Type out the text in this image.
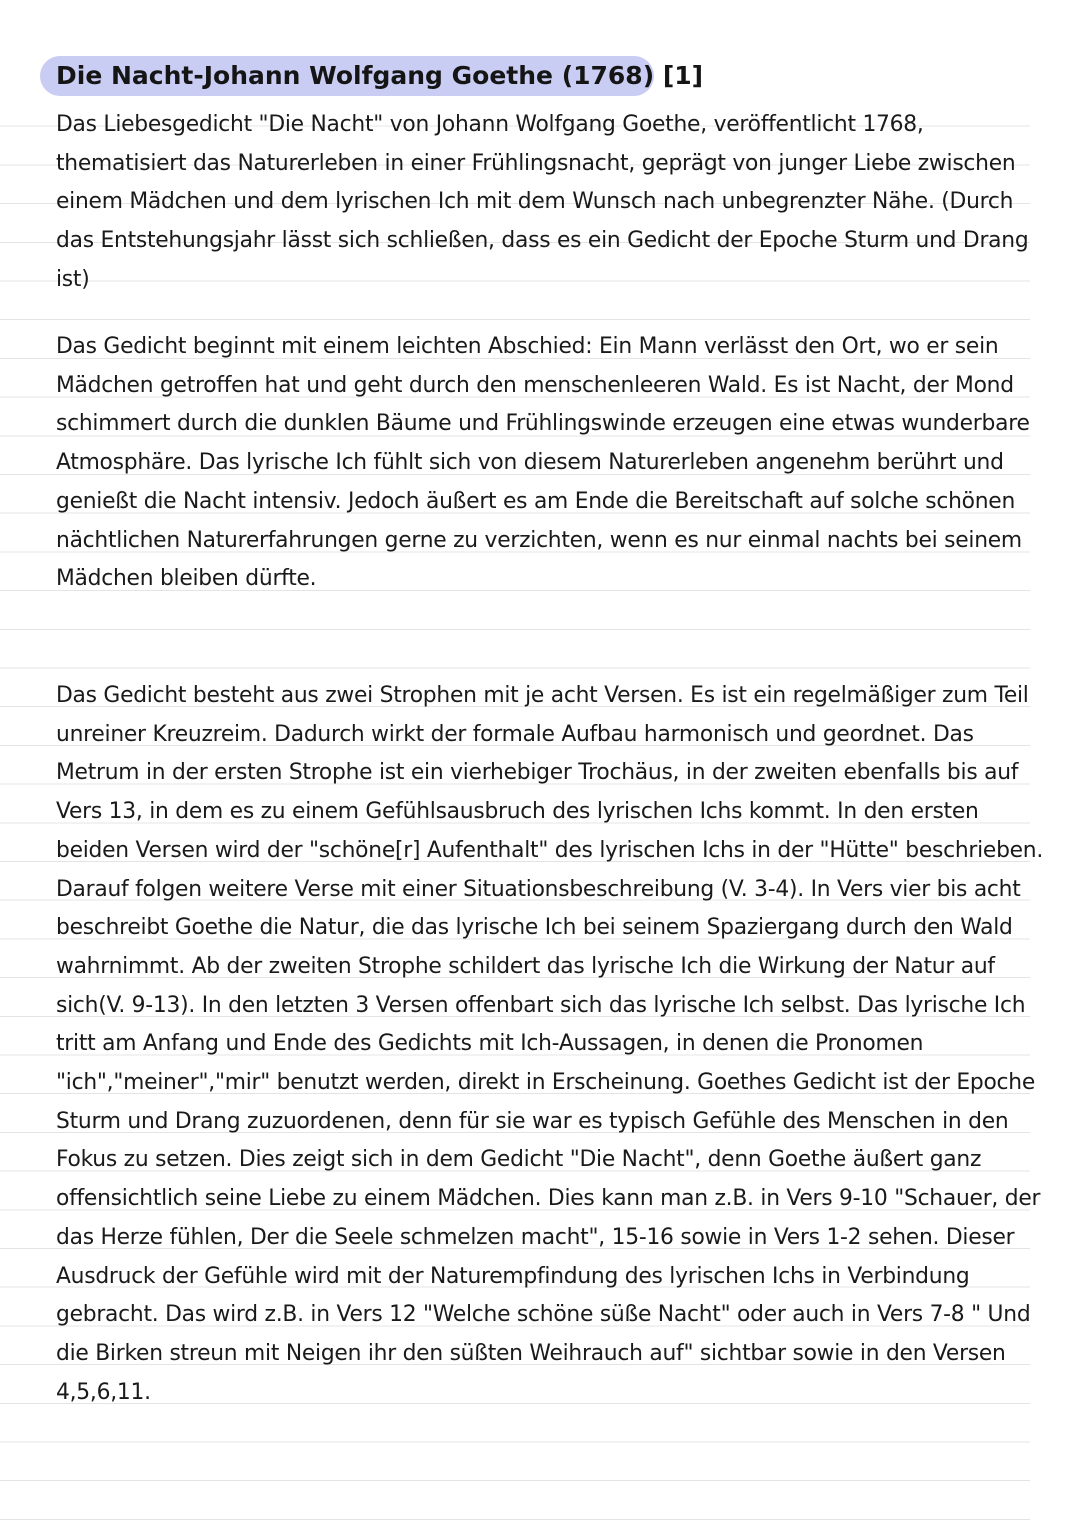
Die Nacht-Johann Wolfgang Goethe (1768) [1]

Das Liebesgedicht "Die Nacht" von Johann Wolfgang Goethe, veröffentlicht 1768, thematisiert das Naturerleben in einer Frühlingsnacht, geprägt von junger Liebe zwischen einem Mädchen und dem lyrischen Ich mit dem Wunsch nach unbegrenzter Nähe. (Durch das Entstehungsjahr lässt sich schließen, dass es ein Gedicht der Epoche Sturm und Drang ist)

Das Gedicht beginnt mit einem leichten Abschied: Ein Mann verlässt den Ort, wo er sein Mädchen getroffen hat und geht durch den menschenleeren Wald. Es ist Nacht, der Mond schimmert durch die dunklen Bäume und Frühlingswinde erzeugen eine etwas wunderbare Atmosphäre. Das lyrische Ich fühlt sich von diesem Naturerleben angenehm berührt und genießt die Nacht intensiv. Jedoch äußert es am Ende die Bereitschaft auf solche schönen nächtlichen Naturerfahrungen gerne zu verzichten, wenn es nur einmal nachts bei seinem Mädchen bleiben dürfte.

Das Gedicht besteht aus zwei Strophen mit je acht Versen. Es ist ein regelmäßiger zum Teil unreiner Kreuzreim. Dadurch wirkt der formale Aufbau harmonisch und geordnet. Das Metrum in der ersten Strophe ist ein vierhebiger Trochäus, in der zweiten ebenfalls bis auf Vers 13, in dem es zu einem Gefühlsausbruch des lyrischen Ichs kommt. In den ersten beiden Versen wird der "schöne[r] Aufenthalt" des lyrischen Ichs in der "Hütte" beschrieben. Darauf folgen weitere Verse mit einer Situationsbeschreibung (V. 3-4). In Vers vier bis acht beschreibt Goethe die Natur, die das lyrische Ich bei seinem Spaziergang durch den Wald wahrnimmt. Ab der zweiten Strophe schildert das lyrische Ich die Wirkung der Natur auf sich(V. 9-13). In den letzten 3 Versen offenbart sich das lyrische Ich selbst. Das lyrische Ich tritt am Anfang und Ende des Gedichts mit Ich-Aussagen, in denen die Pronomen "ich","meiner","mir" benutzt werden, direkt in Erscheinung. Goethes Gedicht ist der Epoche Sturm und Drang zuzuordenen, denn für sie war es typisch Gefühle des Menschen in den Fokus zu setzen. Dies zeigt sich in dem Gedicht "Die Nacht", denn Goethe äußert ganz offensichtlich seine Liebe zu einem Mädchen. Dies kann man z.B. in Vers 9-10 "Schauer, der das Herze fühlen, Der die Seele schmelzen macht", 15-16 sowie in Vers 1-2 sehen. Dieser Ausdruck der Gefühle wird mit der Naturempfindung des lyrischen Ichs in Verbindung gebracht. Das wird z.B. in Vers 12 "Welche schöne süße Nacht" oder auch in Vers 7-8 " Und die Birken streun mit Neigen ihr den süßten Weihrauch auf" sichtbar sowie in den Versen 4,5,6,11.
